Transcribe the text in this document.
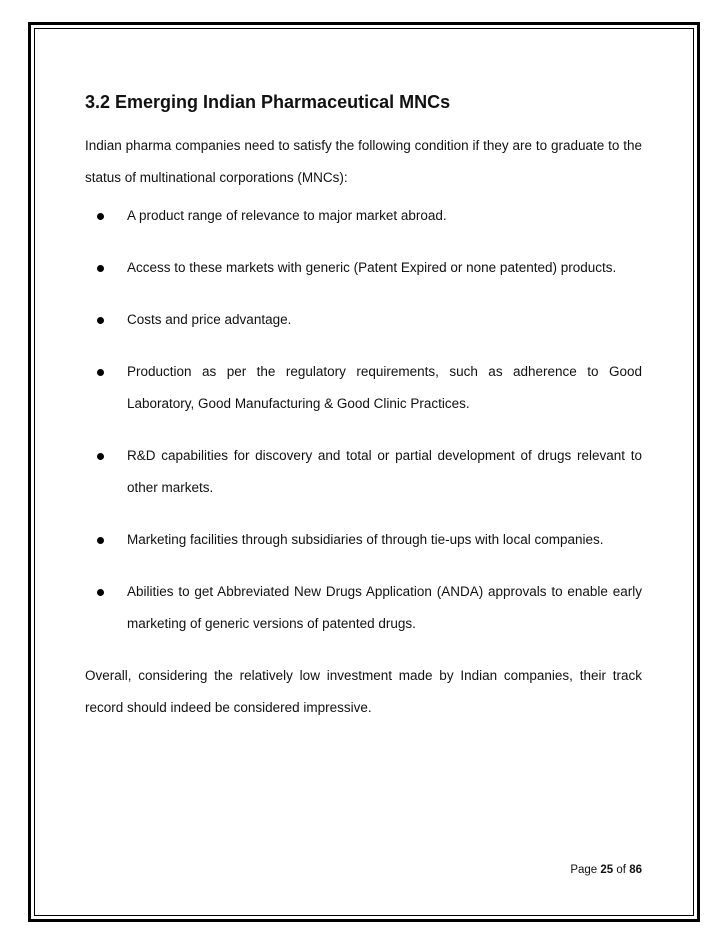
3.2 Emerging Indian Pharmaceutical MNCs

Indian pharma companies need to satisfy the following condition if they are to graduate to the status of multinational corporations (MNCs):

A product range of relevance to major market abroad.
Access to these markets with generic (Patent Expired or none patented) products.
Costs and price advantage.
Production as per the regulatory requirements, such as adherence to Good Laboratory, Good Manufacturing & Good Clinic Practices.
R&D capabilities for discovery and total or partial development of drugs relevant to other markets.
Marketing facilities through subsidiaries of through tie-ups with local companies.
Abilities to get Abbreviated New Drugs Application (ANDA) approvals to enable early marketing of generic versions of patented drugs.

Overall, considering the relatively low investment made by Indian companies, their track record should indeed be considered impressive.

Page 25 of 86
